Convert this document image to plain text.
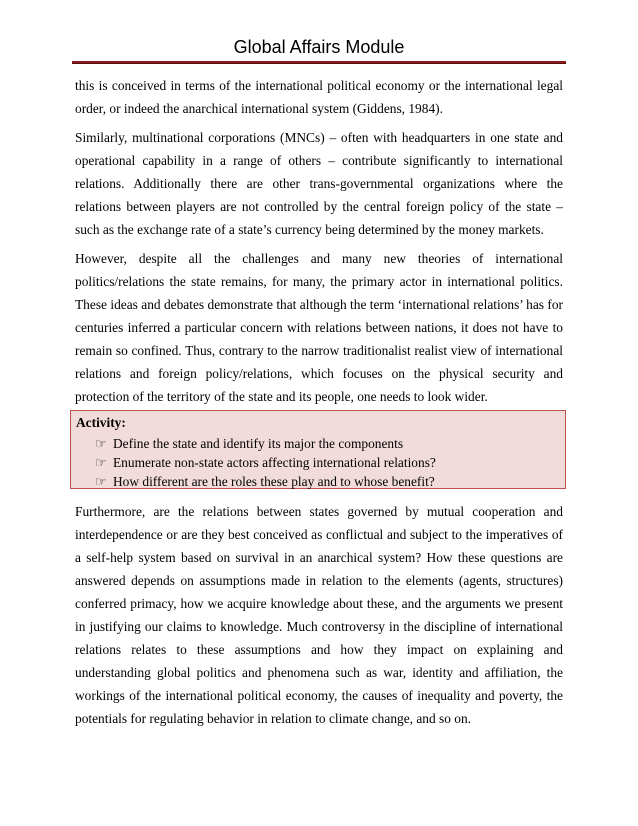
Global Affairs Module

this is conceived in terms of the international political economy or the international legal order, or indeed the anarchical international system (Giddens, 1984).

Similarly, multinational corporations (MNCs) – often with headquarters in one state and operational capability in a range of others – contribute significantly to international relations. Additionally there are other trans-governmental organizations where the relations between players are not controlled by the central foreign policy of the state – such as the exchange rate of a state’s currency being determined by the money markets.

However, despite all the challenges and many new theories of international politics/relations the state remains, for many, the primary actor in international politics. These ideas and debates demonstrate that although the term ‘international relations’ has for centuries inferred a particular concern with relations between nations, it does not have to remain so confined. Thus, contrary to the narrow traditionalist realist view of international relations and foreign policy/relations, which focuses on the physical security and protection of the territory of the state and its people, one needs to look wider.

Activity:
☞ Define the state and identify its major the components
☞ Enumerate non-state actors affecting international relations?
☞ How different are the roles these play and to whose benefit?

Furthermore, are the relations between states governed by mutual cooperation and interdependence or are they best conceived as conflictual and subject to the imperatives of a self-help system based on survival in an anarchical system? How these questions are answered depends on assumptions made in relation to the elements (agents, structures) conferred primacy, how we acquire knowledge about these, and the arguments we present in justifying our claims to knowledge. Much controversy in the discipline of international relations relates to these assumptions and how they impact on explaining and understanding global politics and phenomena such as war, identity and affiliation, the workings of the international political economy, the causes of inequality and poverty, the potentials for regulating behavior in relation to climate change, and so on.
